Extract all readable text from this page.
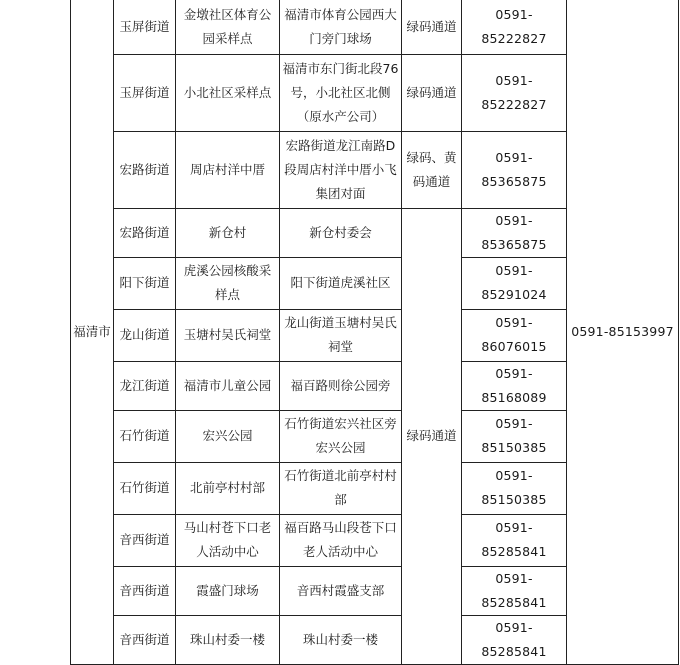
福清市	玉屏街道	金墩社区体育公园采样点	福清市体育公园西大门旁门球场	绿码通道	0591-85222827	0591-85153997
	玉屏街道	小北社区采样点	福清市东门街北段76号，小北社区北侧（原水产公司）	绿码通道	0591-85222827	
	宏路街道	周店村洋中厝	宏路街道龙江南路D段周店村洋中厝小飞集团对面	绿码、黄码通道	0591-85365875	
	宏路街道	新仓村	新仓村委会	绿码通道	0591-85365875	
	阳下街道	虎溪公园核酸采样点	阳下街道虎溪社区		0591-85291024	
	龙山街道	玉塘村吴氏祠堂	龙山街道玉塘村吴氏祠堂		0591-86076015	
	龙江街道	福清市儿童公园	福百路则徐公园旁		0591-85168089	
	石竹街道	宏兴公园	石竹街道宏兴社区旁宏兴公园		0591-85150385	
	石竹街道	北前亭村村部	石竹街道北前亭村村部		0591-85150385	
	音西街道	马山村苍下口老人活动中心	福百路马山段苍下口老人活动中心		0591-85285841	
	音西街道	霞盛门球场	音西村霞盛支部		0591-85285841	
	音西街道	珠山村委一楼	珠山村委一楼		0591-85285841	
